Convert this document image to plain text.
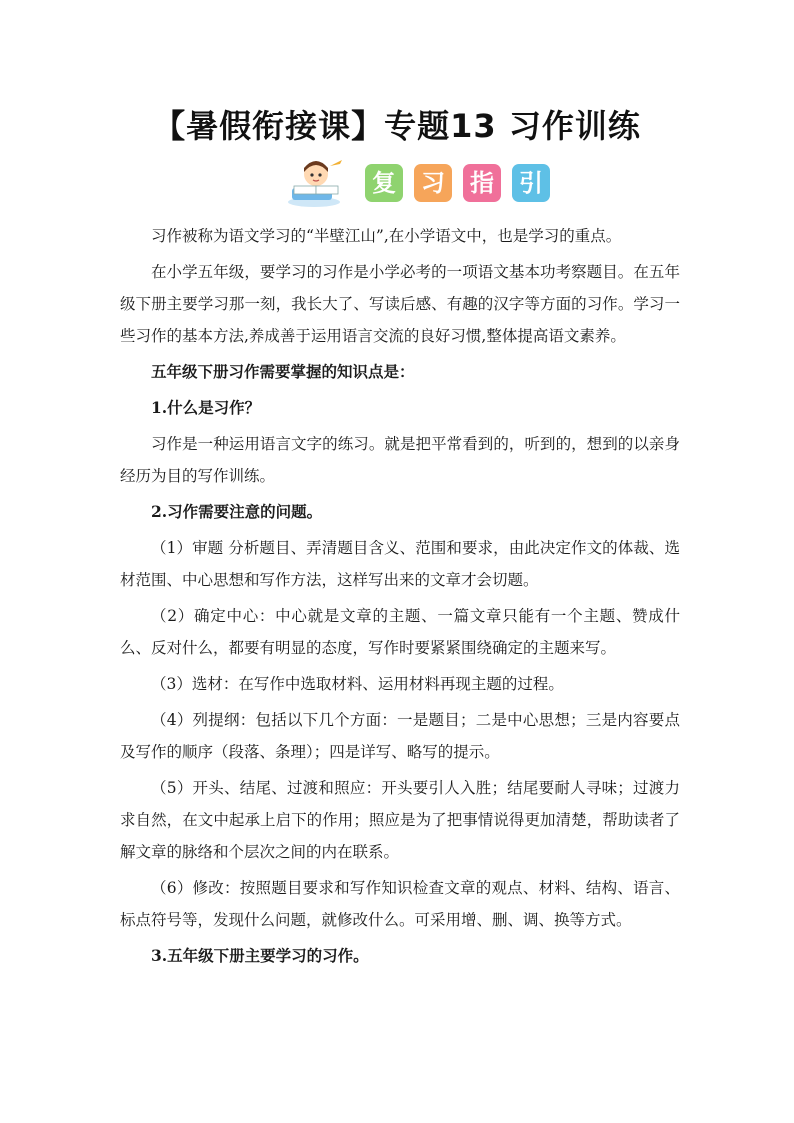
【暑假衔接课】专题13 习作训练
复 习 指 引

习作被称为语文学习的“半壁江山”,在小学语文中，也是学习的重点。

在小学五年级，要学习的习作是小学必考的一项语文基本功考察题目。在五年级下册主要学习那一刻，我长大了、写读后感、有趣的汉字等方面的习作。学习一些习作的基本方法,养成善于运用语言交流的良好习惯,整体提高语文素养。

五年级下册习作需要掌握的知识点是：

1.什么是习作？

习作是一种运用语言文字的练习。就是把平常看到的，听到的，想到的以亲身经历为目的写作训练。

2.习作需要注意的问题。

（1）审题 分析题目、弄清题目含义、范围和要求，由此决定作文的体裁、选材范围、中心思想和写作方法，这样写出来的文章才会切题。

（2）确定中心：中心就是文章的主题、一篇文章只能有一个主题、赞成什么、反对什么，都要有明显的态度，写作时要紧紧围绕确定的主题来写。

（3）选材：在写作中选取材料、运用材料再现主题的过程。

（4）列提纲：包括以下几个方面：一是题目；二是中心思想；三是内容要点及写作的顺序（段落、条理）；四是详写、略写的提示。

（5）开头、结尾、过渡和照应：开头要引人入胜；结尾要耐人寻味；过渡力求自然，在文中起承上启下的作用；照应是为了把事情说得更加清楚，帮助读者了解文章的脉络和个层次之间的内在联系。

（6）修改：按照题目要求和写作知识检查文章的观点、材料、结构、语言、标点符号等，发现什么问题，就修改什么。可采用增、删、调、换等方式。

3.五年级下册主要学习的习作。
